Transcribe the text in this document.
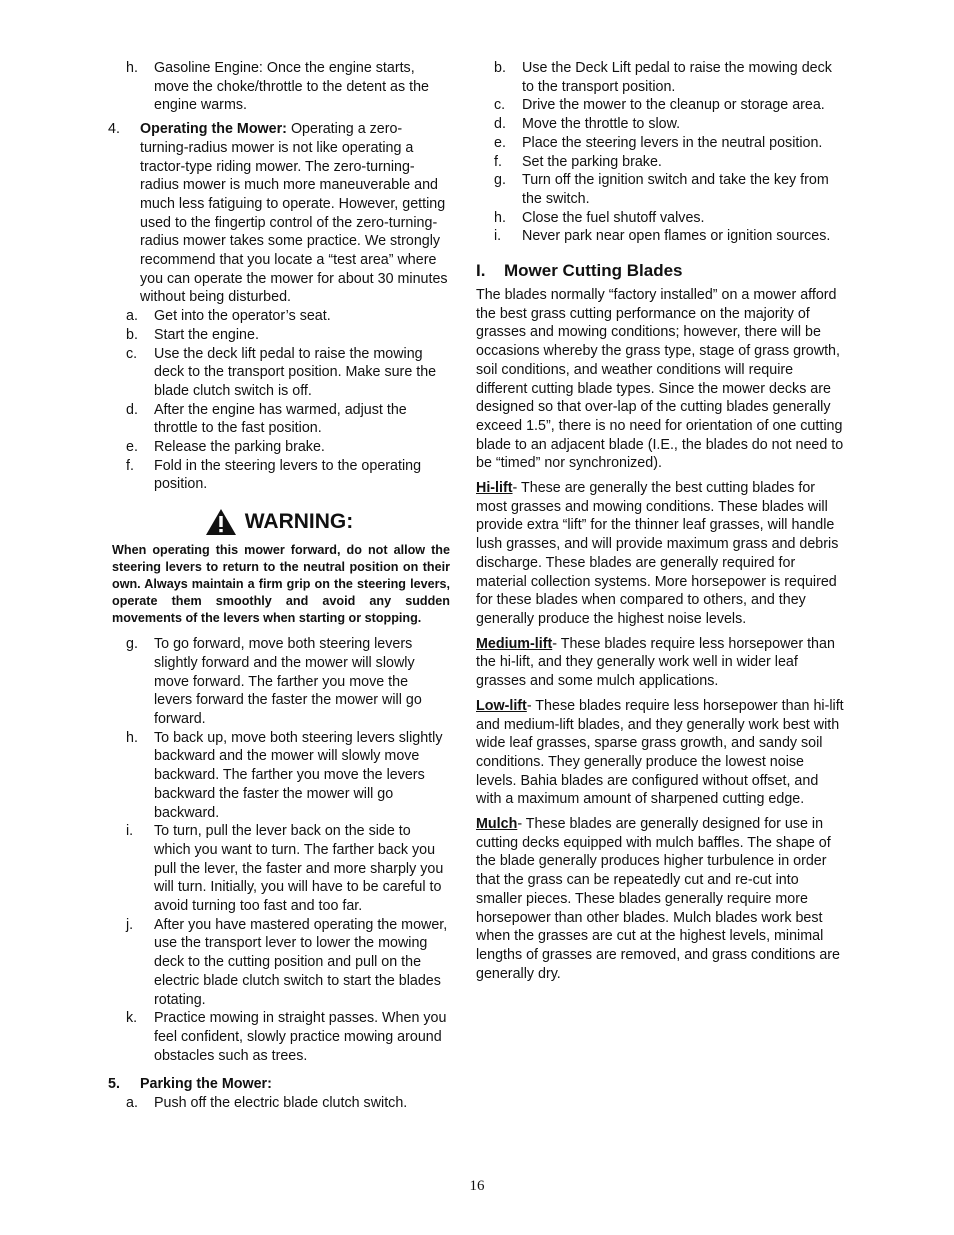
h.	Gasoline Engine: Once the engine starts, move the choke/throttle to the detent as the engine warms.
4.	Operating the Mower: Operating a zero-turning-radius mower is not like operating a tractor-type riding mower. The zero-turning-radius mower is much more maneuverable and much less fatiguing to operate. However, getting used to the fingertip control of the zero-turning-radius mower takes some practice. We strongly recommend that you locate a “test area” where you can operate the mower for about 30 minutes without being disturbed.
a.	Get into the operator’s seat.
b.	Start the engine.
c.	Use the deck lift pedal to raise the mowing deck to the transport position. Make sure the blade clutch switch is off.
d.	After the engine has warmed, adjust the throttle to the fast position.
e.	Release the parking brake.
f.	Fold in the steering levers to the operating position.
WARNING:
When operating this mower forward, do not allow the steering levers to return to the neutral position on their own. Always maintain a firm grip on the steering levers, operate them smoothly and avoid any sudden movements of the levers when starting or stopping.
g.	To go forward, move both steering levers slightly forward and the mower will slowly move forward. The farther you move the levers forward the faster the mower will go forward.
h.	To back up, move both steering levers slightly backward and the mower will slowly move backward. The farther you move the levers backward the faster the mower will go backward.
i.	To turn, pull the lever back on the side to which you want to turn. The farther back you pull the lever, the faster and more sharply you will turn. Initially, you will have to be careful to avoid turning too fast and too far.
j.	After you have mastered operating the mower, use the transport lever to lower the mowing deck to the cutting position and pull on the electric blade clutch switch to start the blades rotating.
k.	Practice mowing in straight passes. When you feel confident, slowly practice mowing around obstacles such as trees.
5.	Parking the Mower:
a.	Push off the electric blade clutch switch.
b.	Use the Deck Lift pedal to raise the mowing deck to the transport position.
c.	Drive the mower to the cleanup or storage area.
d.	Move the throttle to slow.
e.	Place the steering levers in the neutral position.
f.	Set the parking brake.
g.	Turn off the ignition switch and take the key from the switch.
h.	Close the fuel shutoff valves.
i.	Never park near open flames or ignition sources.
I. Mower Cutting Blades

The blades normally “factory installed” on a mower afford the best grass cutting performance on the majority of grasses and mowing conditions; however, there will be occasions whereby the grass type, stage of grass growth, soil conditions, and weather conditions will require different cutting blade types. Since the mower decks are designed so that over-lap of the cutting blades generally exceed 1.5”, there is no need for orientation of one cutting blade to an adjacent blade (I.E., the blades do not need to be “timed” nor synchronized).

Hi-lift- These are generally the best cutting blades for most grasses and mowing conditions. These blades will provide extra “lift” for the thinner leaf grasses, will handle lush grasses, and will provide maximum grass and debris discharge. These blades are generally required for material collection systems. More horsepower is required for these blades when compared to others, and they generally produce the highest noise levels.

Medium-lift- These blades require less horsepower than the hi-lift, and they generally work well in wider leaf grasses and some mulch applications.

Low-lift- These blades require less horsepower than hi-lift and medium-lift blades, and they generally work best with wide leaf grasses, sparse grass growth, and sandy soil conditions. They generally produce the lowest noise levels. Bahia blades are configured without offset, and with a maximum amount of sharpened cutting edge.

Mulch- These blades are generally designed for use in cutting decks equipped with mulch baffles. The shape of the blade generally produces higher turbulence in order that the grass can be repeatedly cut and re-cut into smaller pieces. These blades generally require more horsepower than other blades. Mulch blades work best when the grasses are cut at the highest levels, minimal lengths of grasses are removed, and grass conditions are generally dry.

16
